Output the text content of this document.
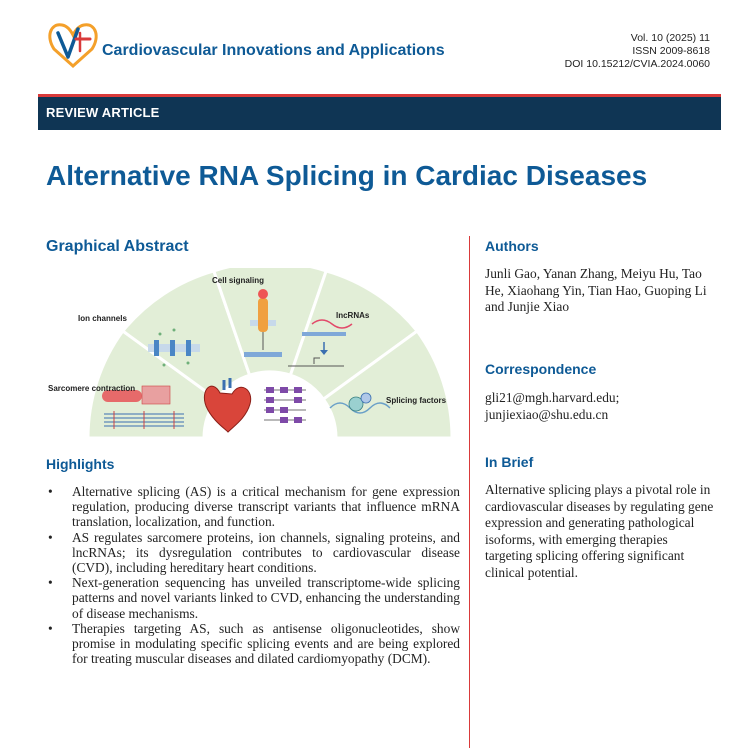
Cardiovascular Innovations and Applications
Vol. 10 (2025) 11
ISSN 2009-8618
DOI 10.15212/CVIA.2024.0060
REVIEW ARTICLE
Alternative RNA Splicing in Cardiac Diseases
Graphical Abstract
Sarcomere contraction
Ion channels
Cell signaling
lncRNAs
Splicing factors
Highlights
• Alternative splicing (AS) is a critical mechanism for gene expression regulation, producing diverse transcript variants that influence mRNA translation, localization, and function.
• AS regulates sarcomere proteins, ion channels, signaling proteins, and lncRNAs; its dysregulation contributes to cardiovascular disease (CVD), including hereditary heart conditions.
• Next-generation sequencing has unveiled transcriptome-wide splicing patterns and novel variants linked to CVD, enhancing the understanding of disease mechanisms.
• Therapies targeting AS, such as antisense oligonucleotides, show promise in modulating specific splicing events and are being explored for treating muscular diseases and dilated cardiomyopathy (DCM).
Authors

Junli Gao, Yanan Zhang, Meiyu Hu, Tao He, Xiaohang Yin, Tian Hao, Guoping Li and Junjie Xiao

Correspondence

gli21@mgh.harvard.edu;

junjiexiao@shu.edu.cn

In Brief

Alternative splicing plays a pivotal role in cardiovascular diseases by regulating gene expression and generating pathological isoforms, with emerging therapies targeting splicing offering significant clinical potential.
